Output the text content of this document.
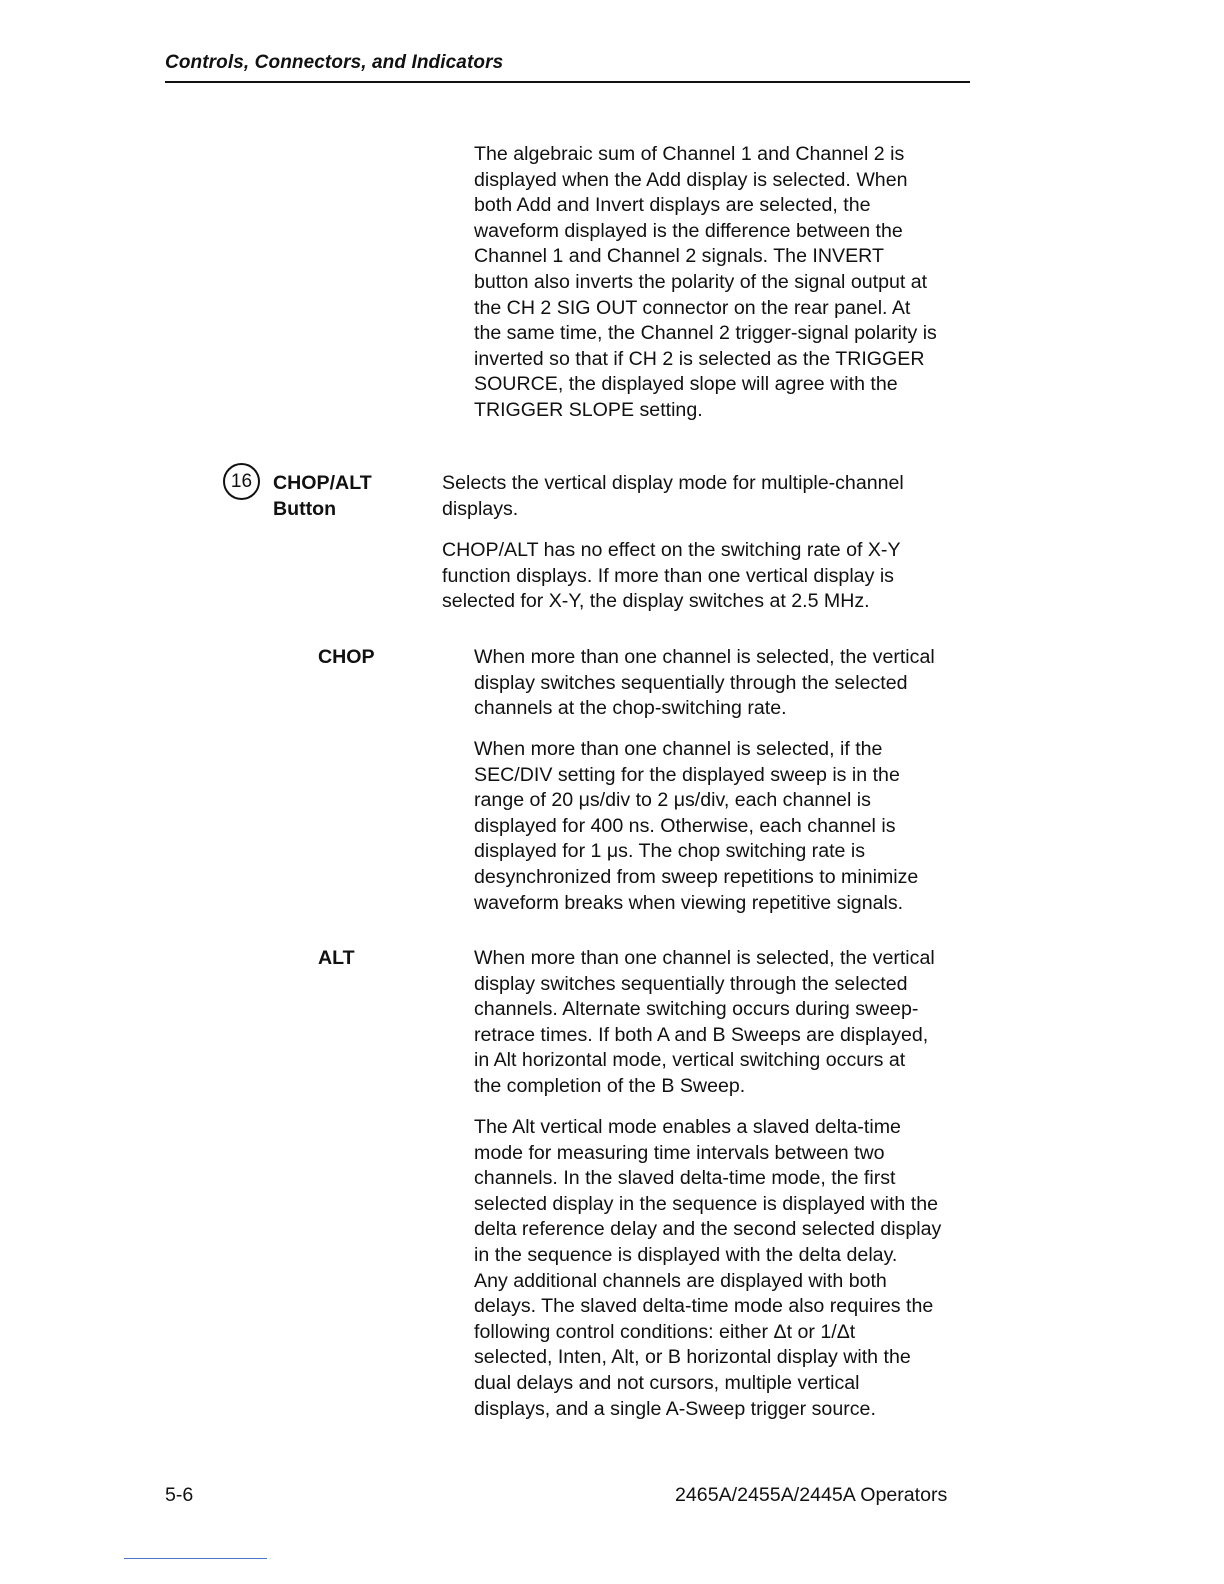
Controls, Connectors, and Indicators

The algebraic sum of Channel 1 and Channel 2 is
displayed when the Add display is selected. When
both Add and Invert displays are selected, the
waveform displayed is the difference between the
Channel 1 and Channel 2 signals. The INVERT
button also inverts the polarity of the signal output at
the CH 2 SIG OUT connector on the rear panel. At
the same time, the Channel 2 trigger-signal polarity is
inverted so that if CH 2 is selected as the TRIGGER
SOURCE, the displayed slope will agree with the
TRIGGER SLOPE setting.

16	CHOP/ALT
Button

Selects the vertical display mode for multiple-channel
displays.

CHOP/ALT has no effect on the switching rate of X-Y
function displays. If more than one vertical display is
selected for X-Y, the display switches at 2.5 MHz.

CHOP	When more than one channel is selected, the vertical
display switches sequentially through the selected
channels at the chop-switching rate.

When more than one channel is selected, if the
SEC/DIV setting for the displayed sweep is in the
range of 20 μs/div to 2 μs/div, each channel is
displayed for 400 ns. Otherwise, each channel is
displayed for 1 μs. The chop switching rate is
desynchronized from sweep repetitions to minimize
waveform breaks when viewing repetitive signals.

ALT	When more than one channel is selected, the vertical
display switches sequentially through the selected
channels. Alternate switching occurs during sweep-
retrace times. If both A and B Sweeps are displayed,
in Alt horizontal mode, vertical switching occurs at
the completion of the B Sweep.

The Alt vertical mode enables a slaved delta-time
mode for measuring time intervals between two
channels. In the slaved delta-time mode, the first
selected display in the sequence is displayed with the
delta reference delay and the second selected display
in the sequence is displayed with the delta delay.
Any additional channels are displayed with both
delays. The slaved delta-time mode also requires the
following control conditions: either Δt or 1/Δt
selected, Inten, Alt, or B horizontal display with the
dual delays and not cursors, multiple vertical
displays, and a single A-Sweep trigger source.

5-6	2465A/2455A/2445A Operators
